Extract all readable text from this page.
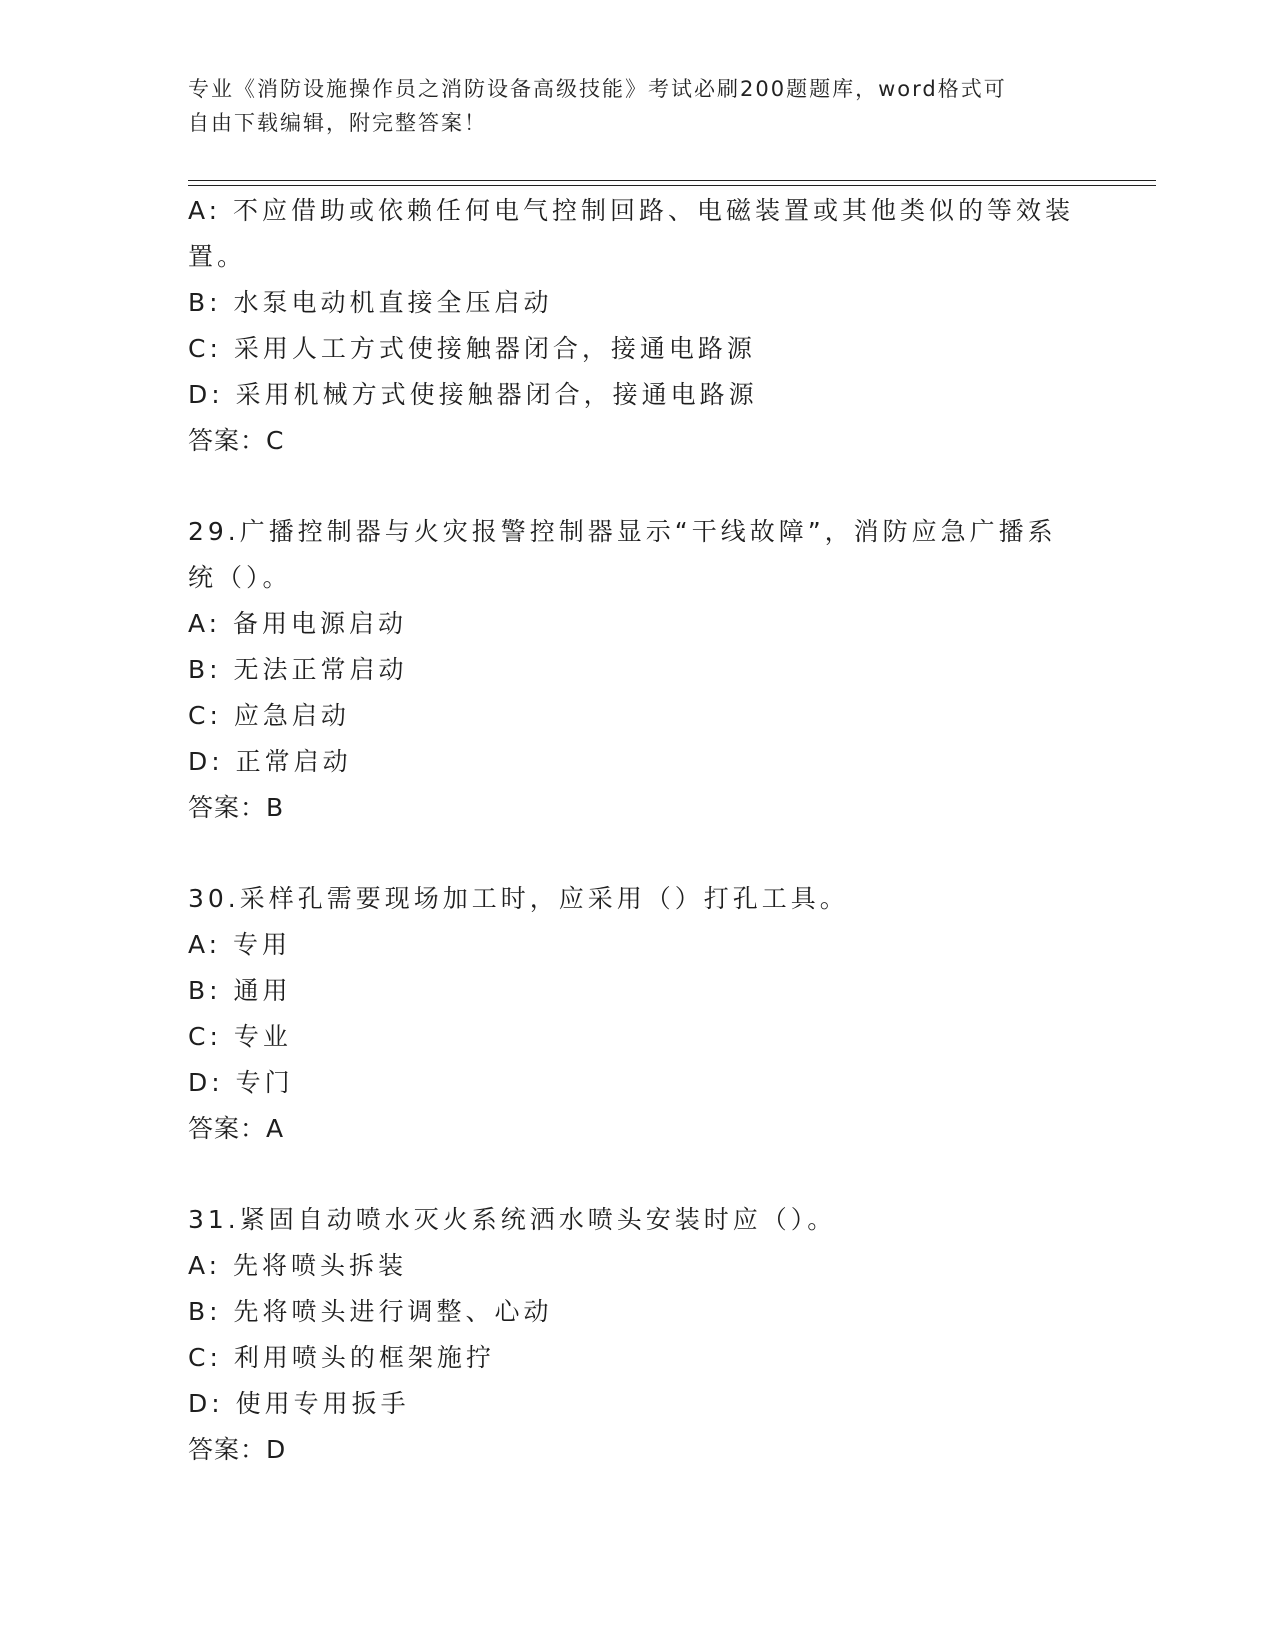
专业《消防设施操作员之消防设备高级技能》考试必刷200题题库，word格式可
自由下载编辑，附完整答案！
A: 不应借助或依赖任何电气控制回路、电磁装置或其他类似的等效装
置。
B: 水泵电动机直接全压启动
C: 采用人工方式使接触器闭合，接通电路源
D: 采用机械方式使接触器闭合，接通电路源
答案：C
29.广播控制器与火灾报警控制器显示“干线故障”，消防应急广播系
统（）。
A: 备用电源启动
B: 无法正常启动
C: 应急启动
D: 正常启动
答案：B
30.采样孔需要现场加工时，应采用（）打孔工具。
A: 专用
B: 通用
C: 专业
D: 专门
答案：A
31.紧固自动喷水灭火系统洒水喷头安装时应（）。
A: 先将喷头拆装
B: 先将喷头进行调整、心动
C: 利用喷头的框架施拧
D: 使用专用扳手
答案：D
